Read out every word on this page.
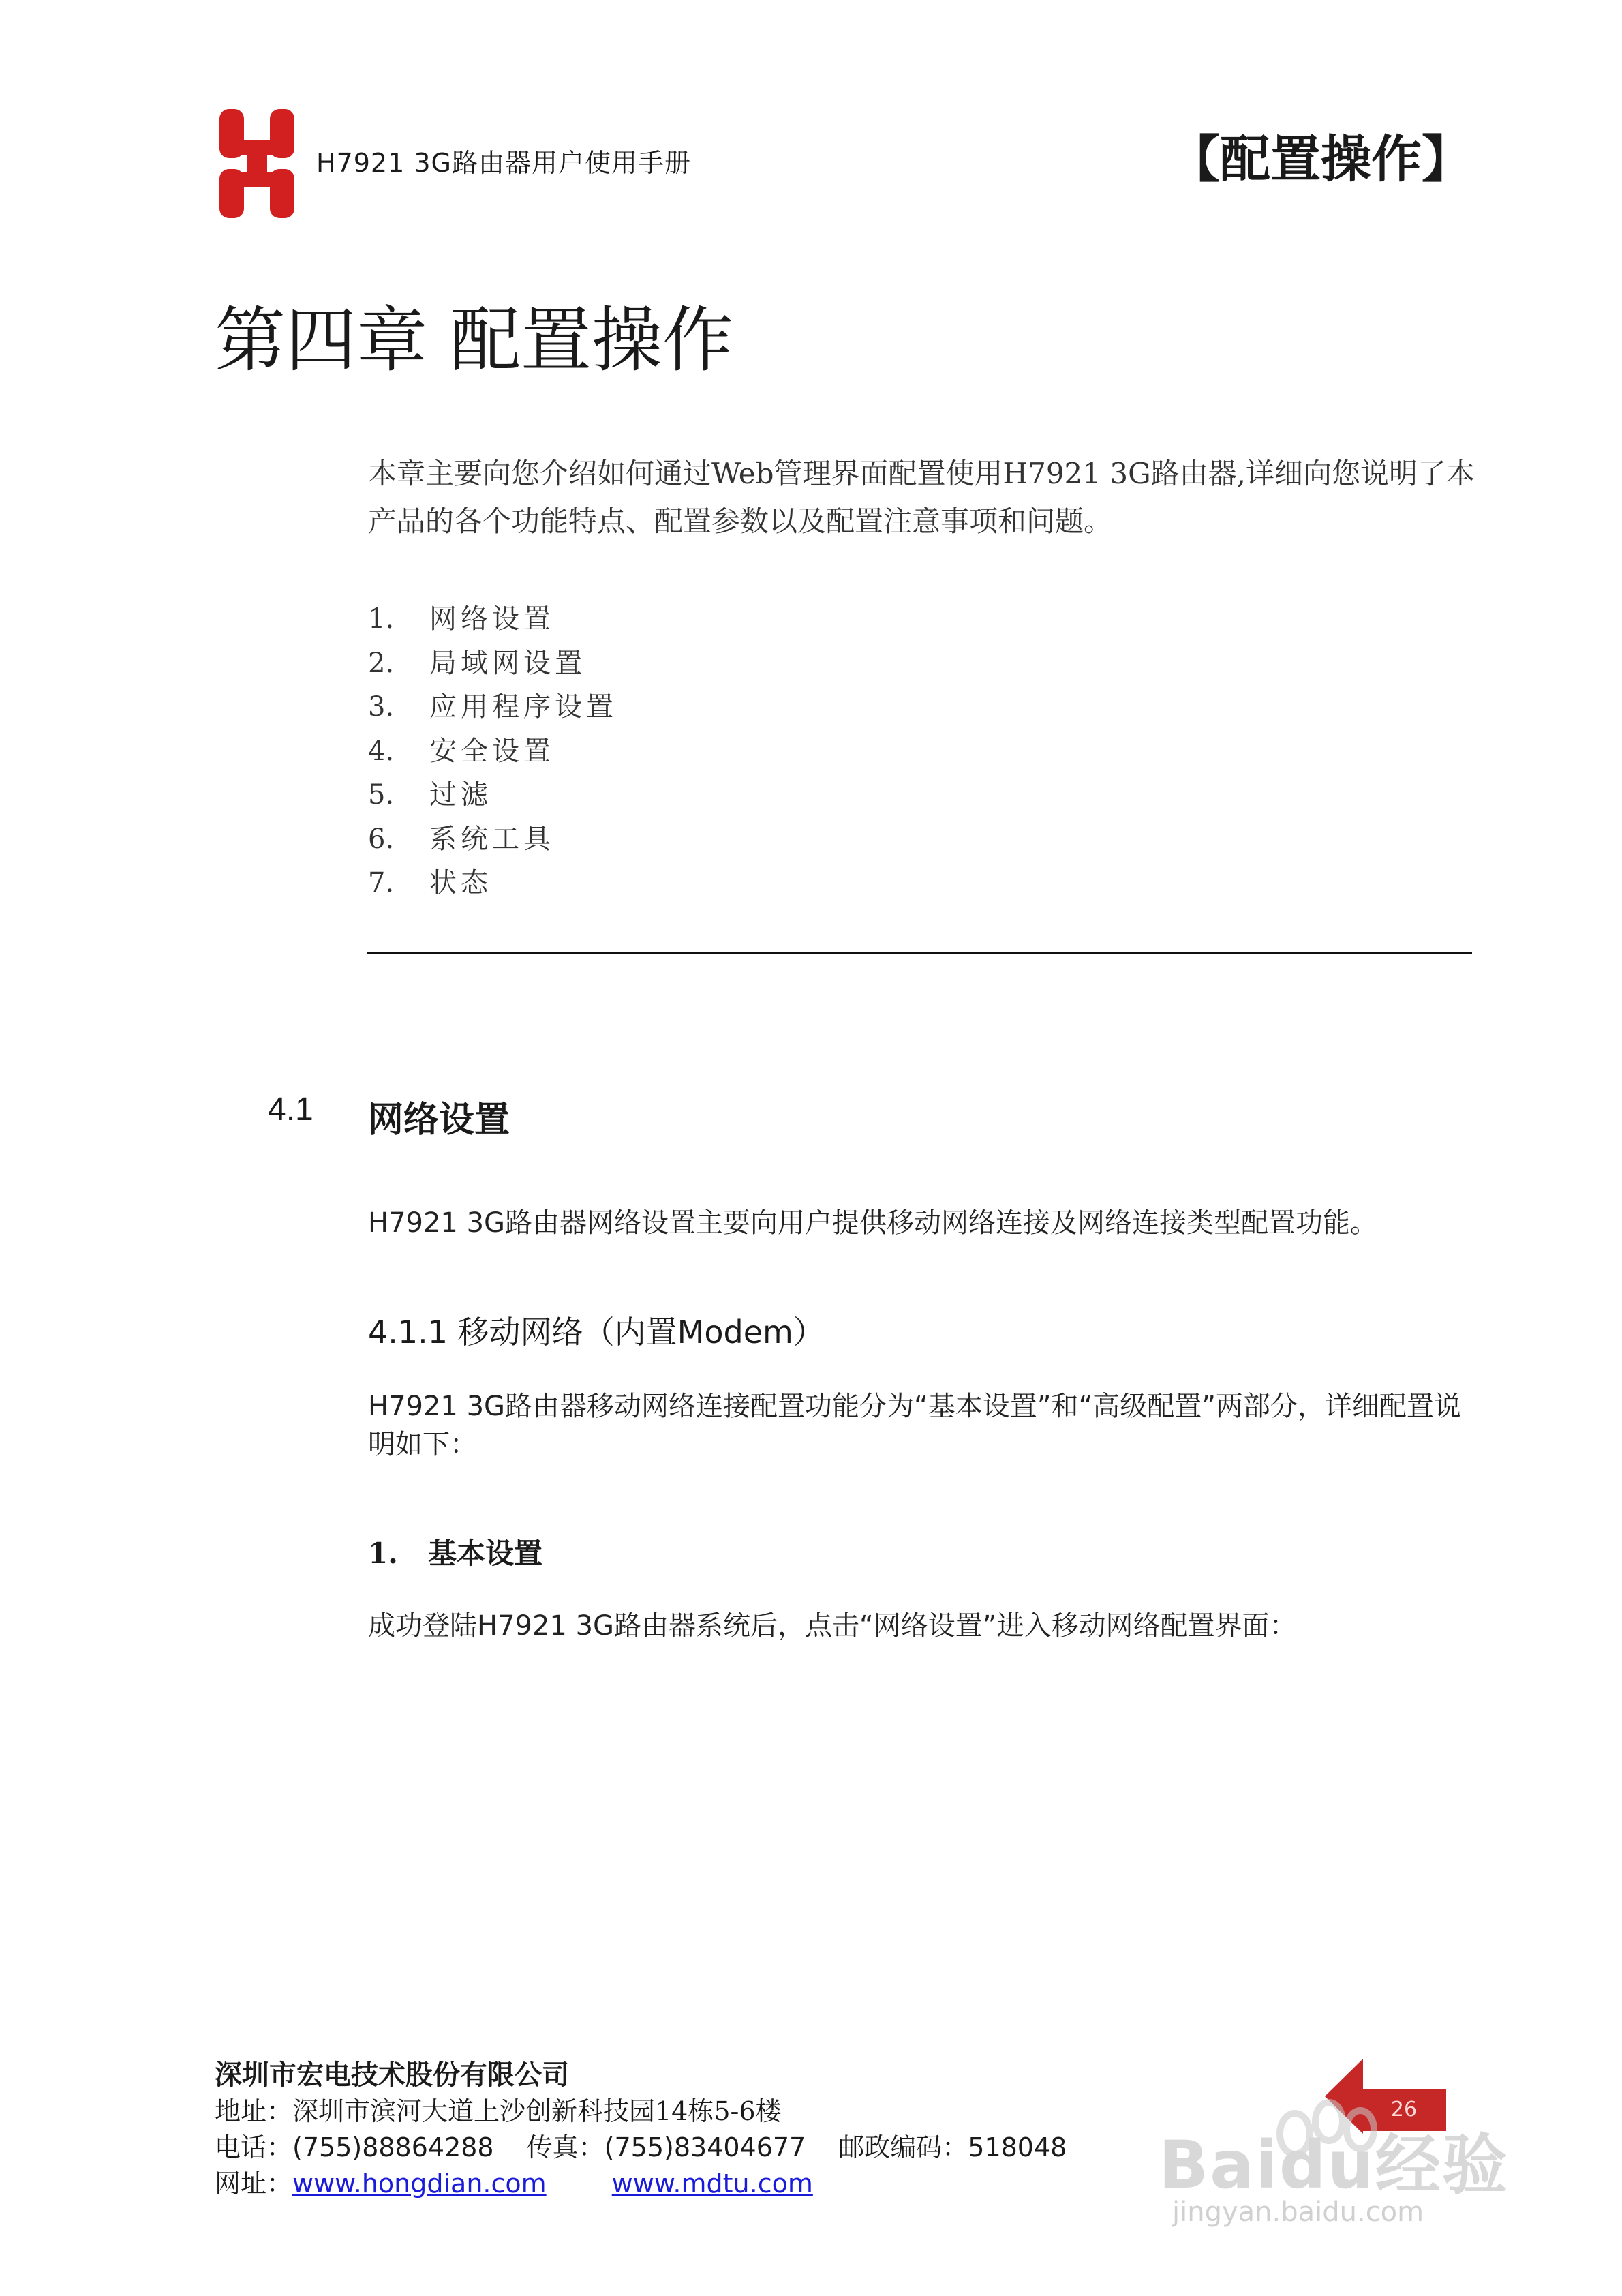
H7921 3G路由器用户使用手册	【配置操作】
第四章 配置操作
本章主要向您介绍如何通过Web管理界面配置使用H7921 3G路由器,详细向您说明了本产品的各个功能特点、配置参数以及配置注意事项和问题。
1. 网络设置
2. 局域网设置
3. 应用程序设置
4. 安全设置
5. 过滤
6. 系统工具
7. 状态
4.1 网络设置
H7921 3G路由器网络设置主要向用户提供移动网络连接及网络连接类型配置功能。
4.1.1 移动网络（内置Modem）
H7921 3G路由器移动网络连接配置功能分为“基本设置”和“高级配置”两部分，详细配置说明如下：
1. 基本设置
成功登陆H7921 3G路由器系统后，点击“网络设置”进入移动网络配置界面：
深圳市宏电技术股份有限公司
地址：深圳市滨河大道上沙创新科技园14栋5-6楼
电话：(755)88864288 传真：(755)83404677 邮政编码：518048
网址：www.hongdian.com	www.mdtu.com
26
Baidu经验
jingyan.baidu.com
